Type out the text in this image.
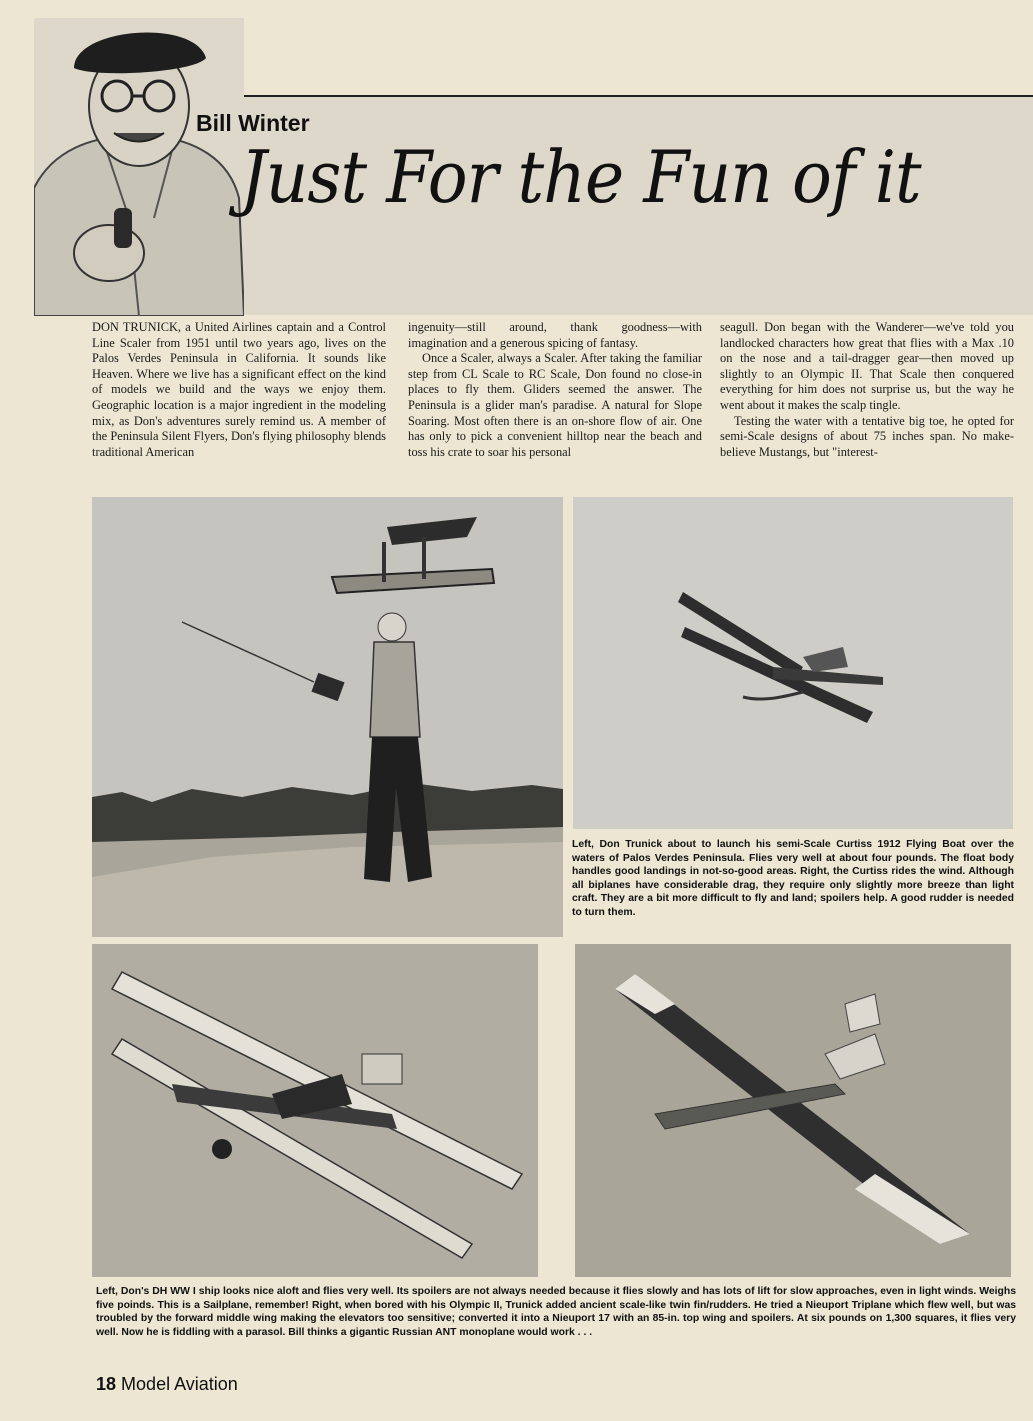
Bill Winter
Just For the Fun of it

DON TRUNICK, a United Airlines captain and a Control Line Scaler from 1951 until two years ago, lives on the Palos Verdes Peninsula in California. It sounds like Heaven. Where we live has a significant effect on the kind of models we build and the ways we enjoy them. Geographic location is a major ingredient in the modeling mix, as Don's adventures surely remind us. A member of the Peninsula Silent Flyers, Don's flying philosophy blends traditional American

ingenuity—still around, thank goodness—with imagination and a generous spicing of fantasy.

Once a Scaler, always a Scaler. After taking the familiar step from CL Scale to RC Scale, Don found no close-in places to fly them. Gliders seemed the answer. The Peninsula is a glider man's paradise. A natural for Slope Soaring. Most often there is an on-shore flow of air. One has only to pick a convenient hilltop near the beach and toss his crate to soar his personal

seagull. Don began with the Wanderer—we've told you landlocked characters how great that flies with a Max .10 on the nose and a tail-dragger gear—then moved up slightly to an Olympic II. That Scale then conquered everything for him does not surprise us, but the way he went about it makes the scalp tingle.

Testing the water with a tentative big toe, he opted for semi-Scale designs of about 75 inches span. No make-believe Mustangs, but "interest-

Left, Don Trunick about to launch his semi-Scale Curtiss 1912 Flying Boat over the waters of Palos Verdes Peninsula. Flies very well at about four pounds. The float body handles good landings in not-so-good areas. Right, the Curtiss rides the wind. Although all biplanes have considerable drag, they require only slightly more breeze than light craft. They are a bit more difficult to fly and land; spoilers help. A good rudder is needed to turn them.
Left, Don's DH WW I ship looks nice aloft and flies very well. Its spoilers are not always needed because it flies slowly and has lots of lift for slow approaches, even in light winds. Weighs five poinds. This is a Sailplane, remember! Right, when bored with his Olympic II, Trunick added ancient scale-like twin fin/rudders. He tried a Nieuport Triplane which flew well, but was troubled by the forward middle wing making the elevators too sensitive; converted it into a Nieuport 17 with an 85-in. top wing and spoilers. At six pounds on 1,300 squares, it flies very well. Now he is fiddling with a parasol. Bill thinks a gigantic Russian ANT monoplane would work . . .
18 Model Aviation
